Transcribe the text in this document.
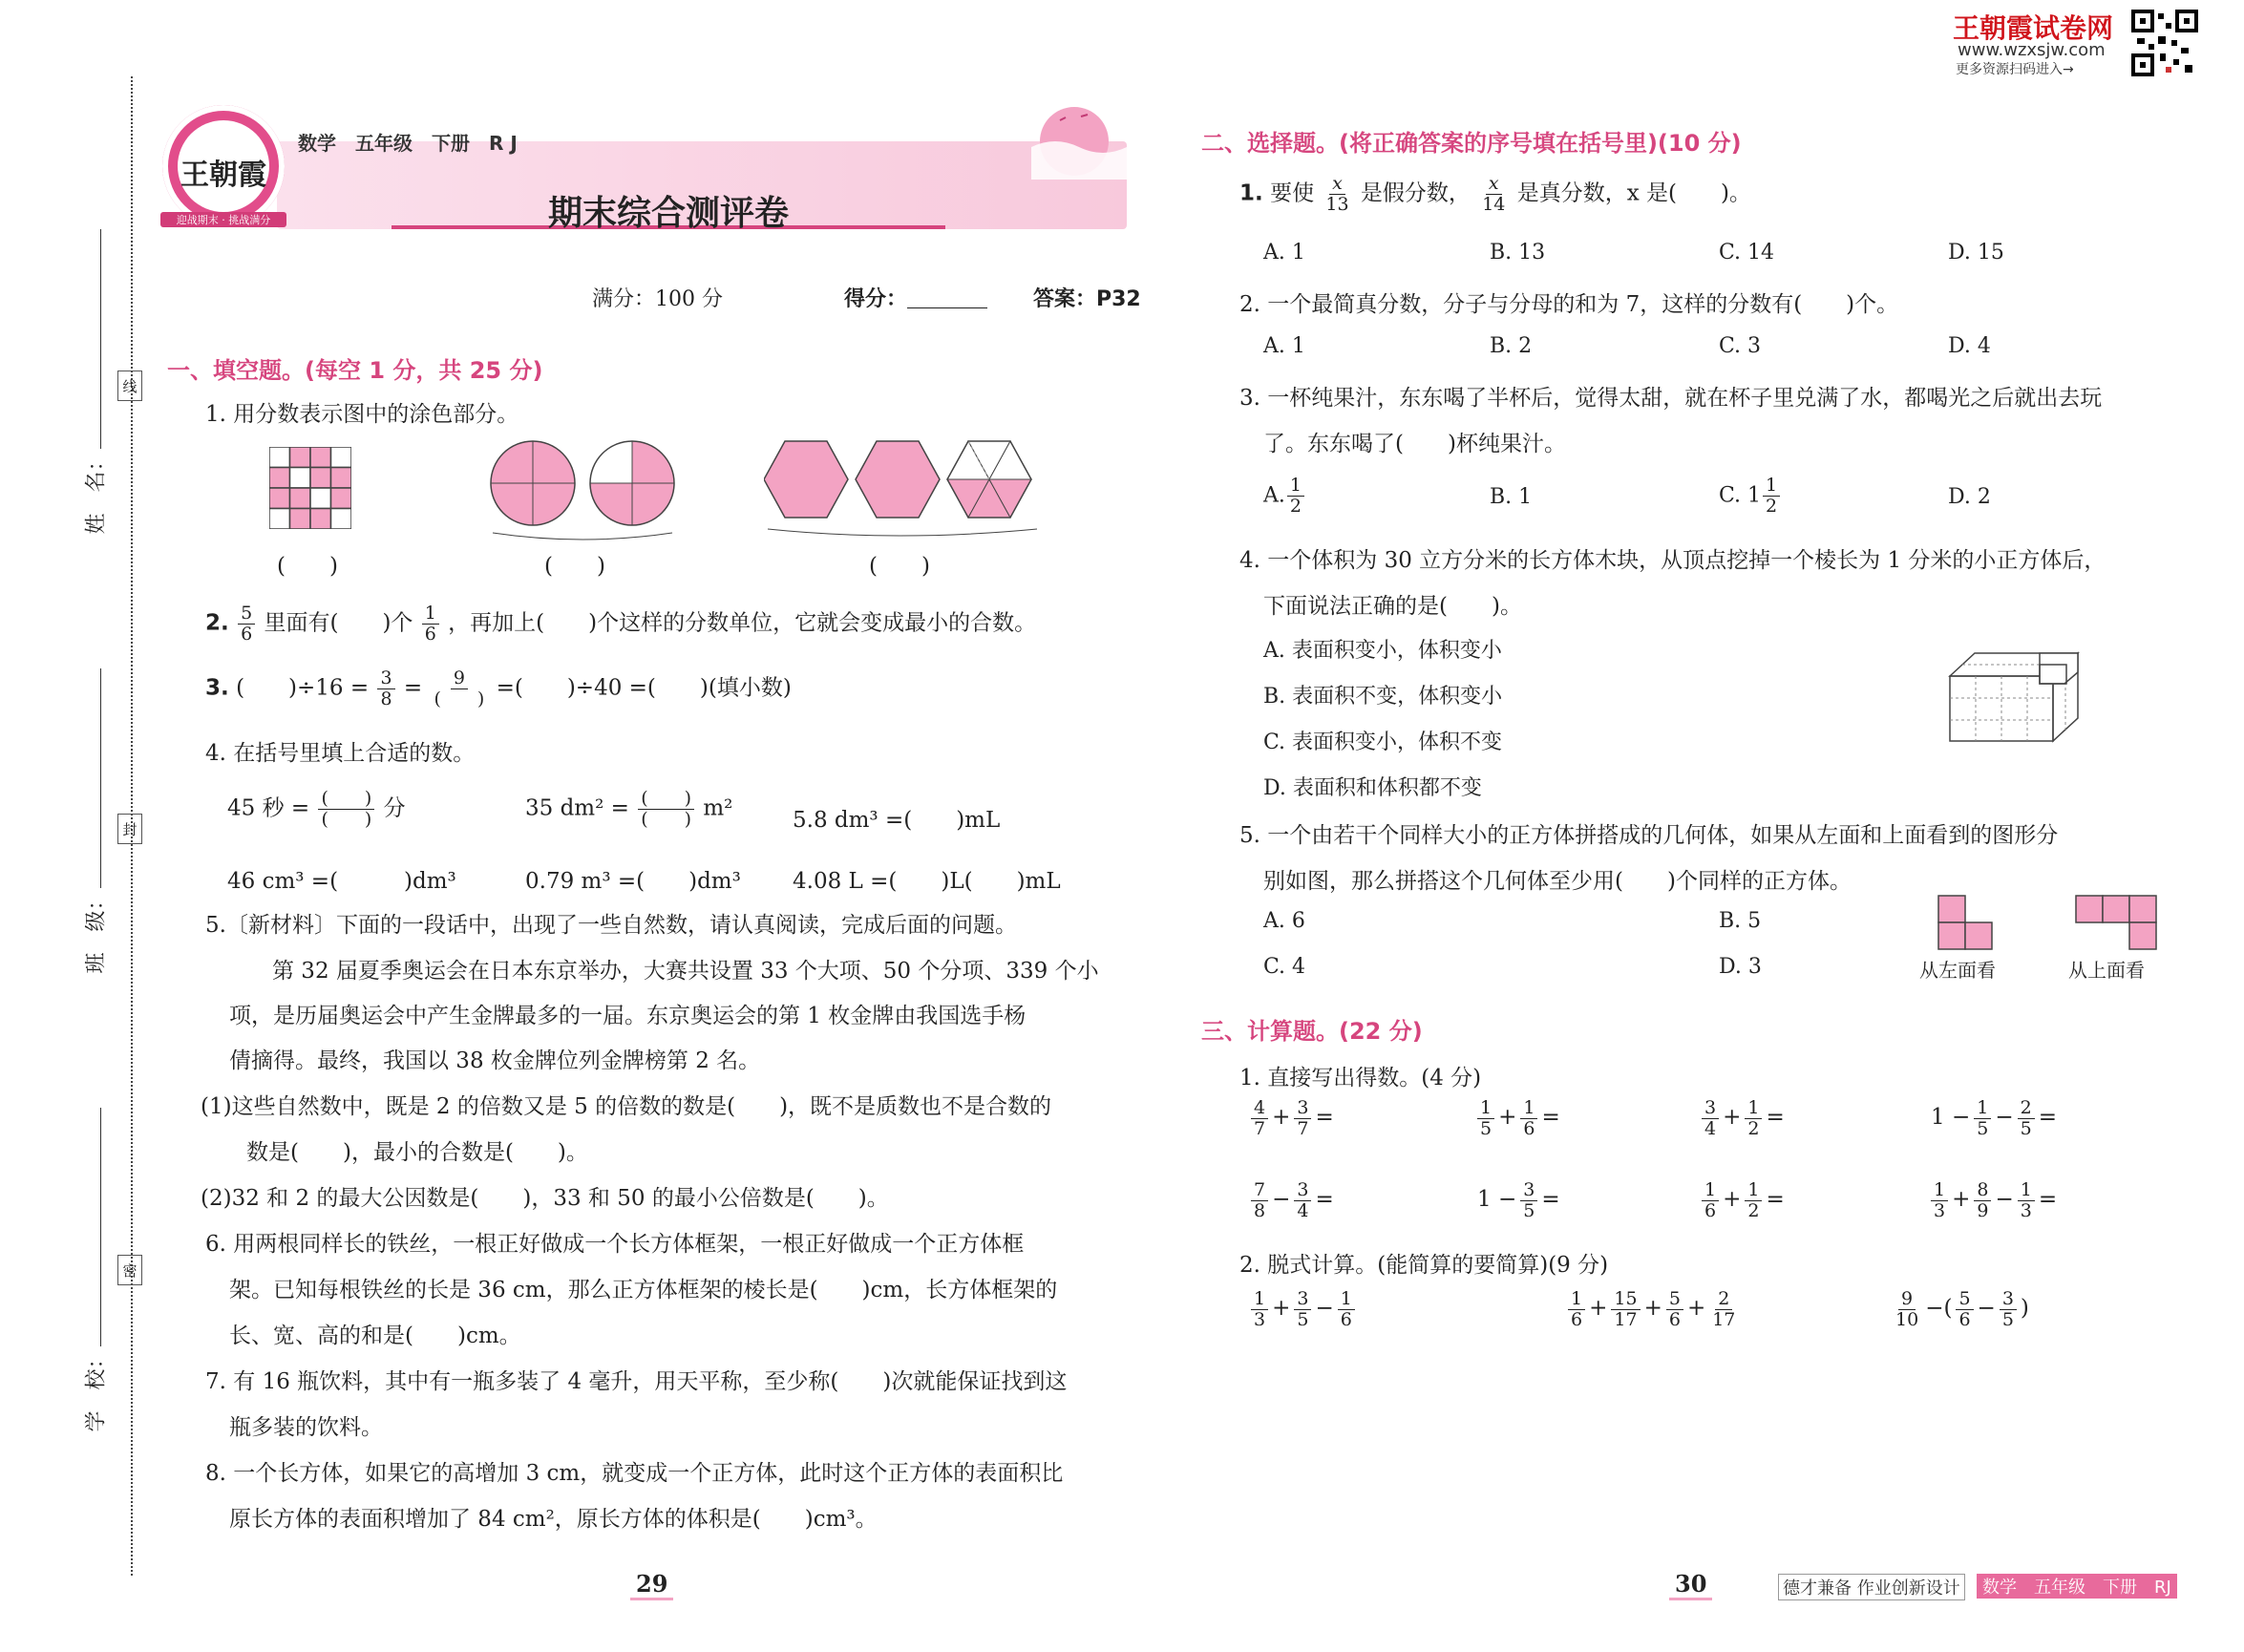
王朝霞试卷网
www.wzxsjw.com
更多资源扫码进入→
姓　名：
班　级：
学　校：
线
封
密
王朝霞
迎战期末 · 挑战满分
数学　五年级　下册　R J
期末综合测评卷
满分：100 分	得分：	答案：P32
一、填空题。(每空 1 分，共 25 分)
1. 用分数表示图中的涂色部分。
(　　)	(　　)	(　　)
2. $\frac{5}{6}$ 里面有(　　)个 $\frac{1}{6}$ ，再加上(　　)个这样的分数单位，它就会变成最小的合数。
3. (　　)$\div 16 = \frac{3}{8} = \frac{9}{( )}$ =(　　)÷40 =(　　)(填小数)
4. 在括号里填上合适的数。
45 秒 = $\frac{( )}{( )}$ 分	35 $dm^2 = \frac{( )}{( )} m^2$	5.8 dm³ =(　　)mL
46 cm³ =(　　　)dm³	0.79 m³ =(　　)dm³ 4.08 L =(　　)L(　　)mL
5.〔新材料〕下面的一段话中，出现了一些自然数，请认真阅读，完成后面的问题。
第 32 届夏季奥运会在日本东京举办，大赛共设置 33 个大项、50 个分项、339 个小
项，是历届奥运会中产生金牌最多的一届。东京奥运会的第 1 枚金牌由我国选手杨
倩摘得。最终，我国以 38 枚金牌位列金牌榜第 2 名。
(1)这些自然数中，既是 2 的倍数又是 5 的倍数的数是(　　)，既不是质数也不是合数的
数是(　　)，最小的合数是(　　)。
(2)32 和 2 的最大公因数是(　　)，33 和 50 的最小公倍数是(　　)。
6. 用两根同样长的铁丝，一根正好做成一个长方体框架，一根正好做成一个正方体框
架。已知每根铁丝的长是 36 cm，那么正方体框架的棱长是(　　)cm，长方体框架的
长、宽、高的和是(　　)cm。
7. 有 16 瓶饮料，其中有一瓶多装了 4 毫升，用天平称，至少称(　　)次就能保证找到这
瓶多装的饮料。
8. 一个长方体，如果它的高增加 3 cm，就变成一个正方体，此时这个正方体的表面积比
原长方体的表面积增加了 84 cm²，原长方体的体积是(　　)cm³。
二、选择题。(将正确答案的序号填在括号里)(10 分)
1. 要使 $\frac{x}{13}$ 是假分数， $\frac{x}{14}$ 是真分数，x 是(　　)。
A. 1	B. 13	C. 14	D. 15
2. 一个最简真分数，分子与分母的和为 7，这样的分数有(　　)个。
A. 1	B. 2	C. 3	D. 4
3. 一杯纯果汁，东东喝了半杯后，觉得太甜，就在杯子里兑满了水，都喝光之后就出去玩
了。东东喝了(　　)杯纯果汁。
A. $\frac{1}{2}$	B. 1	C. $1 \frac{1}{2}$	D. 2
4. 一个体积为 30 立方分米的长方体木块，从顶点挖掉一个棱长为 1 分米的小正方体后，
下面说法正确的是(　　)。
A. 表面积变小，体积变小
B. 表面积不变，体积变小
C. 表面积变小，体积不变
D. 表面积和体积都不变
5. 一个由若干个同样大小的正方体拼搭成的几何体，如果从左面和上面看到的图形分
别如图，那么拼搭这个几何体至少用(　　)个同样的正方体。
A. 6	B. 5
C. 4	D. 3	从左面看	从上面看
三、计算题。(22 分)
1. 直接写出得数。(4 分)
2. 脱式计算。(能简算的要简算)(9 分)
29	30	德才兼备 作业创新设计	数学　五年级　下册　RJ
$\frac{4}{7} + \frac{3}{7}$ =	$\frac{1}{5} + \frac{1}{6}$ =	$\frac{3}{4} + \frac{1}{2}$ =	$1 - \frac{1}{5} - \frac{2}{5}$ =
$\frac{7}{8} - \frac{3}{4}$ =	$1 - \frac{3}{5}$ =	$\frac{1}{6} + \frac{1}{2}$ =	$\frac{1}{3} + \frac{8}{9} - \frac{1}{3}$ =
$\frac{1}{3} + \frac{3}{5} - \frac{1}{6}$	$\frac{1}{6} + \frac{15}{17} + \frac{5}{6} + \frac{2}{17}$	$\frac{9}{10}$ −( $\frac{5}{6} - \frac{3}{5}$ )
